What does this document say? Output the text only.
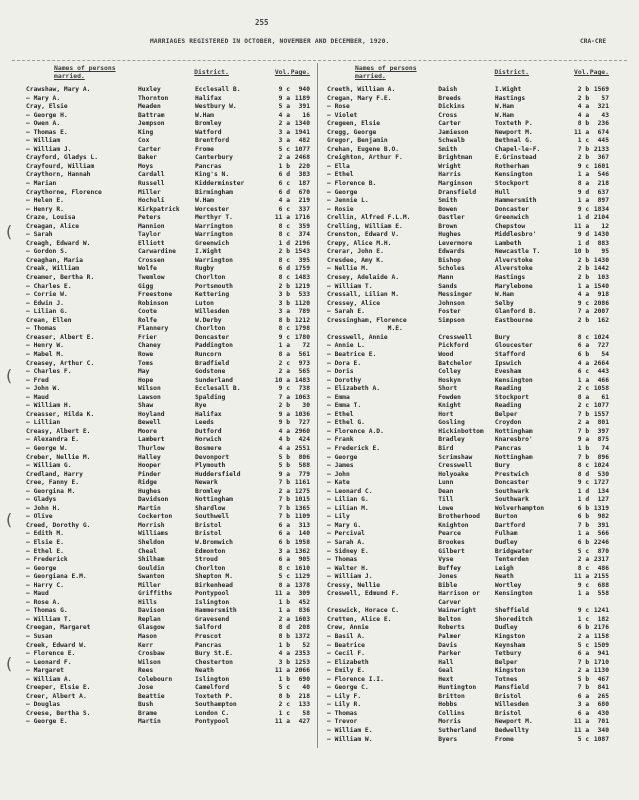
255
MARRIAGES REGISTERED IN OCTOBER, NOVEMBER AND DECEMBER, 1920.	CRA-CRE
(
(
(
(
Names of persons married.	District.	Vol. Page.
Crawshaw, Mary A.	Huxley	Ecclesall B.	9 c	940
— Mary A.	Thornton	Halifax	9 a 1189
Cray, Elsie	Meaden	Westbury W.	5 a	391
— George H.	Battram	W.Ham	4 a	16
— Owen A.	Jempson	Bromley	2 a 1340
— Thomas E.	King	Watford	3 a 1941
— William	Cox	Brentford	3 a	482
— William J.	Carter	Frome	5 c 1077
Crayford, Gladys L.	Baker	Canterbury	2 a 2468
Crayfourd, William	Moys	Pancras	1 b	220
Craythorn, Hannah	Cardall	King's N.	6 d	383
— Marian	Russell	Kidderminster	6 c	187
Craythorne, Florence	Miller	Birmingham	6 d	670
— Helen E.	Hochuli	W.Ham	4 a	219
— Henry R.	Kirkpatrick	Worcester	6 c	337
Craze, Louisa	Peters	Merthyr T.	11 a 1716
Creagan, Alice	Mannion	Warrington	8 c	359
— Sarah	Taylor	Warrington	8 c	374
Creagh, Edward W.	Elliott	Greenwich	1 d 2196
— Gordon S.	Carwardine	I.Wight	2 b 1543
Creaghan, Maria	Crossen	Warrington	8 c	395
Creak, William	Wolfe	Rugby	6 d 1759
Creamer, Bertha R.	Twemlow	Chorlton	8 c 1483
— Charles E.	Gigg	Portsmouth	2 b 1219
— Corrie W.	Freestone	Kettering	3 b	533
— Edwin J.	Robinson	Luton	3 b 1120
— Lilian G.	Coote	Willesden	3 a	789
Crean, Ellen	Rolfe	W.Derby	8 b 1212
— Thomas	Flannery	Chorlton	8 c 1798
Creaser, Albert E.	Frier	Doncaster	9 c 1780
— Henry W.	Chaney	Paddington	1 a	72
— Mabel M.	Rowe	Runcorn	8 a	561
Creasey, Arthur C.	Toms	Bradfield	2 c	973
— Charles F.	May	Godstone	2 a	565
— Fred	Hope	Sunderland	10 a 1483
— John W.	Wilson	Ecclesall B.	9 c	738
— Maud	Lawson	Spalding	7 a 1063
— William H.	Shaw	Rye	2 b	30
Creasser, Hilda K.	Hoyland	Halifax	9 a 1036
— Lillian	Bewell	Leeds	9 b	727
Creasy, Albert E.	Moore	Dutford	4 a 2960
— Alexandra E.	Lambert	Norwich	4 b	424
— George W.	Thurlow	Bosmere	4 a 2551
Creber, Nellie M.	Halley	Devonport	5 b	806
— William G.	Hooper	Plymouth	5 b	588
Credland, Harry	Pinder	Huddersfield	9 a	779
Cree, Fanny E.	Ridge	Newark	7 b 1161
— Georgina M.	Hughes	Bromley	2 a 1275
— Gladys	Davidson	Nottingham	7 b 1015
— John H.	Martin	Shardlow	7 b 1365
— Olive	Cockerton	Southwell	7 b 1109
Creed, Dorothy G.	Morrish	Bristol	6 a	313
— Edith M.	Williams	Bristol	6 a	140
— Elsie E.	Sheldon	W.Bromwich	6 b 1958
— Ethel E.	Cheal	Edmonton	3 a 1362
— Frederick	Shilham	Stroud	6 a	905
— George	Gouldin	Chorlton	8 c 1610
— Georgiana E.M.	Swanton	Shepton M.	5 c 1129
— Harry C.	Miller	Birkenhead	8 a 1378
— Maud	Griffiths	Pontypool	11 a	309
— Rose A.	Hills	Islington	1 b	452
— Thomas G.	Davison	Hammersmith	1 a	836
— William T.	Replan	Gravesend	2 a 1603
Creegan, Margaret	Glasgow	Salford	8 d	208
— Susan	Mason	Prescot	8 b 1372
Creek, Edward W.	Kerr	Pancras	1 b	52
— Florence E.	Crosbaw	Bury St.E.	4 a 2353
— Leonard F.	Wilson	Chesterton	3 b 1253
— Margaret	Rees	Neath	11 a 2066
— William A.	Colebourn	Islington	1 b	690
Creeper, Elsie E.	Jose	Camelford	5 c	40
Creer, Albert A.	Beattie	Toxteth P.	8 b	218
— Douglas	Bush	Southampton	2 c	133
Creese, Bertha S.	Brame	London C.	1 c	58
— George E.	Martin	Pontypool	11 a	427
Names of persons married.	District.	Vol. Page.
Creeth, William A.	Daish	I.Wight	2 b 1569
Cregan, Mary F.E.	Breeds	Hastings	2 b	57
— Rose	Dickins	W.Ham	4 a	321
— Violet	Cross	W.Ham	4 a	43
Cregeen, Elsie	Carter	Toxteth P.	8 b	236
Cregg, George	Jamieson	Newport M.	11 a	674
Gregor, Benjamin	Schwalb	Bethnal G.	1 c	445
Crehan, Eugene B.O.	Smith	Chapel-le-F.	7 b 2133
Creighton, Arthur F.	Brightman	E.Grinstead	2 b	367
— Ella	Wright	Rotherham	9 c 1601
— Ethel	Harris	Kensington	1 a	546
— Florence B.	Marginson	Stockport	8 a	218
— George	Dransfield	Hull	9 d	637
— Jennie L.	Smith	Hammersmith	1 a	897
— Rosie	Bowen	Doncaster	9 c 1834
Crellin, Alfred F.L.M.	Oastler	Greenwich	1 d 2104
Crelling, William E.	Brown	Chepstow	11 a	12
Crenston, Edward V.	Hughes	Middlesbro'	9 d 1430
Crepy, Alice M.H.	Levermore	Lambeth	1 d	883
Crerar, John E.	Edwards	Newcastle T.	10 b	95
Cresdee, Amy K.	Bishop	Alverstoke	2 b 1430
— Nellie M.	Scholes	Alverstoke	2 b 1442
Cresey, Adelaide A.	Mann	Hastings	2 b	103
— William T.	Sands	Marylebone	1 a 1540
Cressall, Lilian M.	Messinger	W.Ham	4 a	918
Cressey, Alice	Johnson	Selby	9 c 2086
— Sarah E.	Foster	Glanford B.	7 a 2007
Cressingham, Florence	Simpson	Eastbourne	2 b	162
M.E.
Cresswell, Annie	Cresswell	Bury	8 c 1024
— Annie L.	Pickford	Gloucester	6 a	727
— Beatrice E.	Wood	Stafford	6 b	54
— Dora E.	Batchelor	Ipswich	4 a 2664
— Doris	Colley	Evesham	6 c	443
— Dorothy	Hoskyn	Kensington	1 a	466
— Elizabeth A.	Short	Reading	2 c 1058
— Emma	Fowden	Stockport	8 a	61
— Emma T.	Knight	Reading	2 c 1077
— Ethel	Hort	Belper	7 b 1557
— Ethel G.	Gosling	Croydon	2 a	801
— Florence A.D.	Hickinbottom	Nottingham	7 b	397
— Frank	Bradley	Knaresbro'	9 a	875
— Frederick E.	Bird	Pancras	1 b	74
— George	Scrimshaw	Nottingham	7 b	896
— James	Cresswell	Bury	8 c 1024
— John	Holyoake	Prestwich	8 d	530
— Kate	Lunn	Doncaster	9 c 1727
— Leonard C.	Dean	Southwark	1 d	134
— Lilian G.	Till	Southwark	1 d	127
— Lilian M.	Lowe	Wolverhampton	6 b 1319
— Lily	Brotherhood	Burton	6 b	982
— Mary G.	Knighton	Dartford	7 b	391
— Percival	Pearce	Fulham	1 a	566
— Sarah A.	Brookes	Dudley	6 b 2246
— Sidney E.	Gilbert	Bridgwater	5 c	870
— Thomas	Vyse	Tenterden	2 a 2317
— Walter H.	Buffey	Leigh	8 c	486
— William J.	Jones	Neath	11 a 2155
Cressy, Nellie	Bible	Wortley	9 c	688
Creswell, Edmund F.	Harrison or	Kensington	1 a	558
Carver
Creswick, Horace C.	Wainwright	Sheffield	9 c 1241
Cretten, Alice E.	Belton	Shoreditch	1 c	182
Crew, Annie	Roberts	Dudley	6 b 2176
— Basil A.	Palmer	Kingston	2 a 1158
— Beatrice	Davis	Keynsham	5 c 1509
— Cecil F.	Parker	Tetbury	6 a	941
— Elizabeth	Hall	Belper	7 b 1710
— Emily E.	Geal	Kingston	2 a 1130
— Florence I.I.	Hext	Totnes	5 b	467
— George C.	Huntington	Mansfield	7 b	841
— Lily F.	Britton	Bristol	6 a	265
— Lily R.	Hobbs	Willesden	3 a	680
— Thomas	Collins	Bristol	6 a	430
— Trevor	Morris	Newport M.	11 a	701
— William E.	Sutherland	Bedwellty	11 a	340
— William W.	Byers	Frome	5 c 1087
